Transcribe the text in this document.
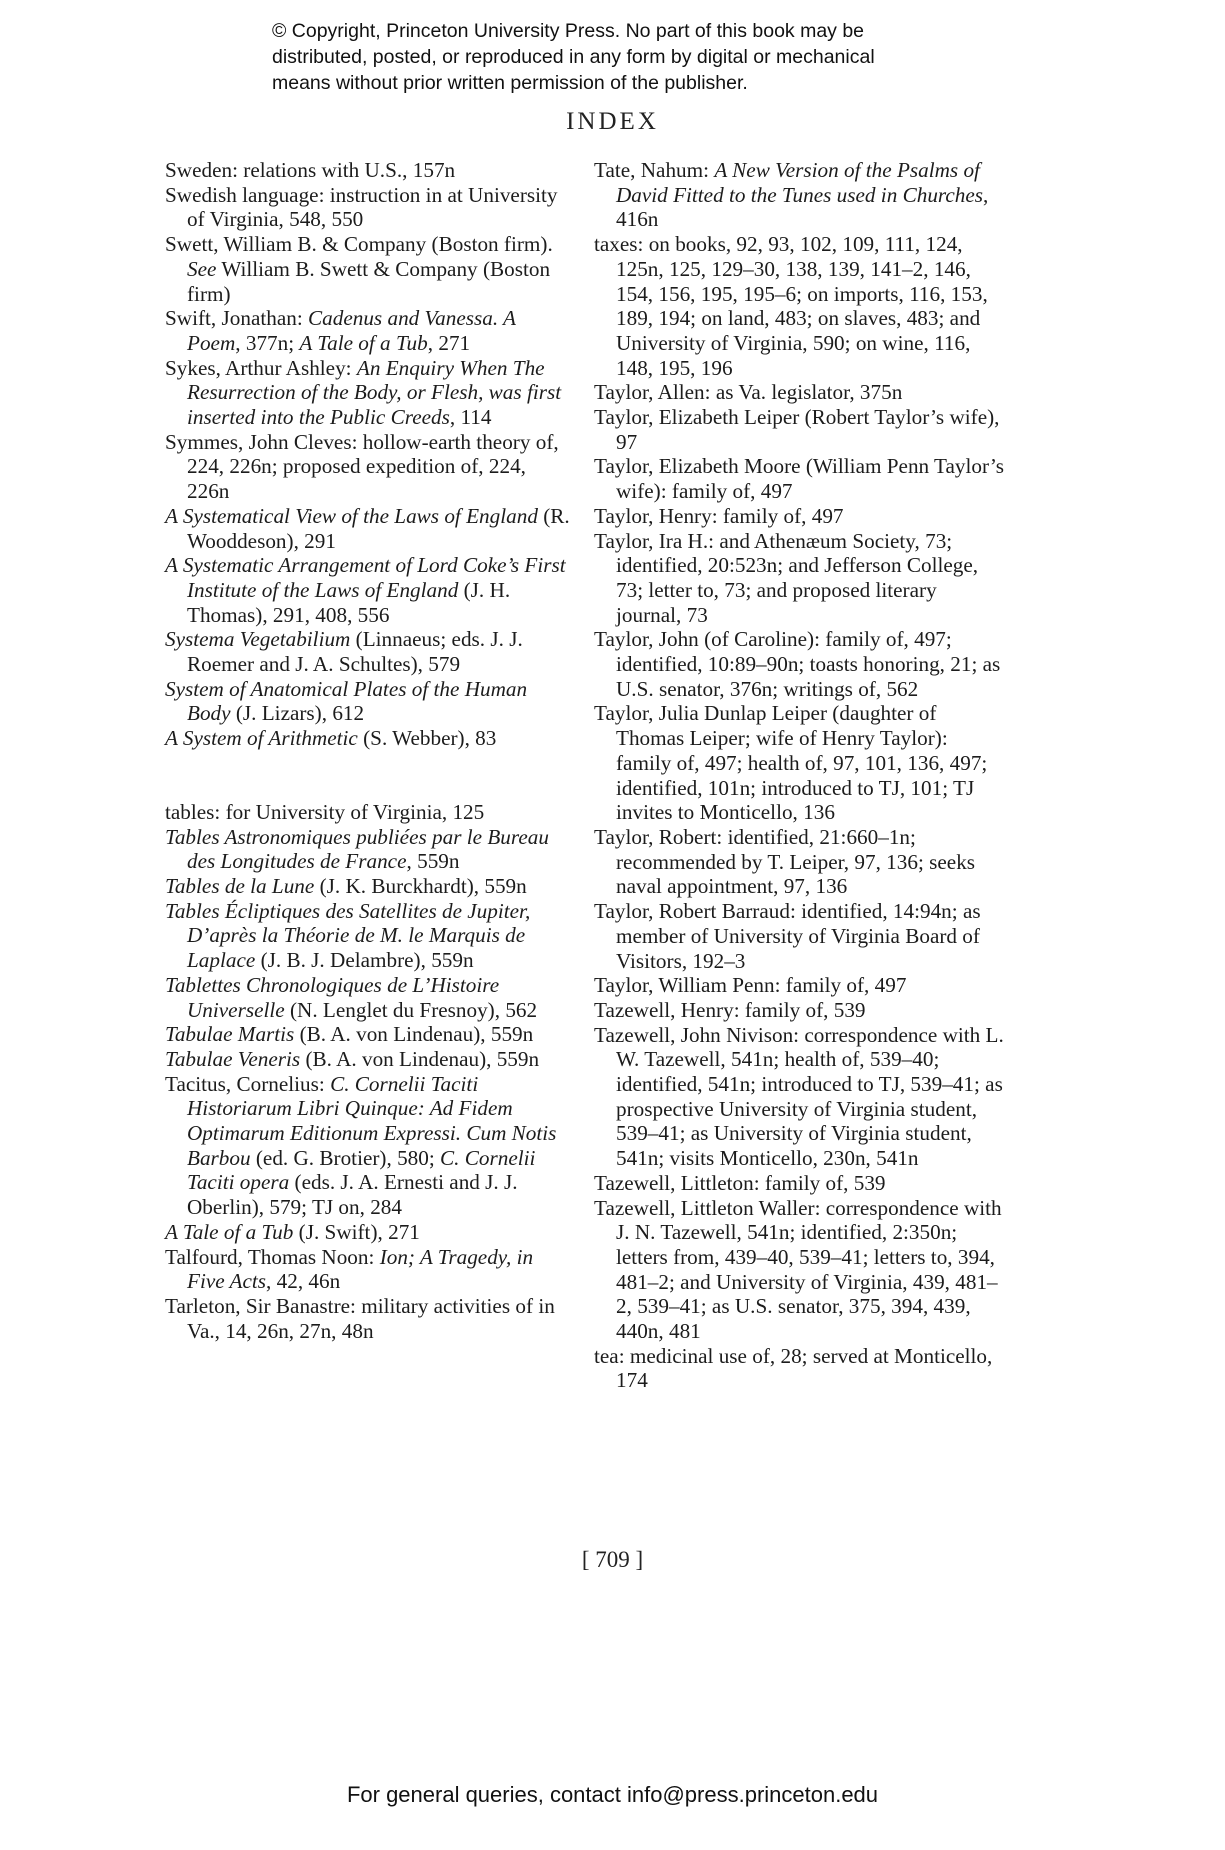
© Copyright, Princeton University Press. No part of this book may be
distributed, posted, or reproduced in any form by digital or mechanical
means without prior written permission of the publisher.
INDEX

Sweden: relations with U.S., 157n

Swedish language: instruction in at University of Virginia, 548, 550

Swett, William B. & Company (Boston firm). See William B. Swett & Company (Boston firm)

Swift, Jonathan: Cadenus and Vanessa. A Poem, 377n; A Tale of a Tub, 271

Sykes, Arthur Ashley: An Enquiry When The Resurrection of the Body, or Flesh, was first inserted into the Public Creeds, 114

Symmes, John Cleves: hollow-earth theory of, 224, 226n; proposed expedition of, 224, 226n

A Systematical View of the Laws of England (R. Wooddeson), 291

A Systematic Arrangement of Lord Coke’s First Institute of the Laws of England (J. H. Thomas), 291, 408, 556

Systema Vegetabilium (Linnaeus; eds. J. J. Roemer and J. A. Schultes), 579

System of Anatomical Plates of the Human Body (J. Lizars), 612

A System of Arithmetic (S. Webber), 83

tables: for University of Virginia, 125

Tables Astronomiques publiées par le Bureau des Longitudes de France, 559n

Tables de la Lune (J. K. Burckhardt), 559n

Tables Écliptiques des Satellites de Jupiter, D’après la Théorie de M. le Marquis de Laplace (J. B. J. Delambre), 559n

Tablettes Chronologiques de L’Histoire Universelle (N. Lenglet du Fresnoy), 562

Tabulae Martis (B. A. von Lindenau), 559n

Tabulae Veneris (B. A. von Lindenau), 559n

Tacitus, Cornelius: C. Cornelii Taciti Historiarum Libri Quinque: Ad Fidem Optimarum Editionum Expressi. Cum Notis Barbou (ed. G. Brotier), 580; C. Cornelii Taciti opera (eds. J. A. Ernesti and J. J. Oberlin), 579; TJ on, 284

A Tale of a Tub (J. Swift), 271

Talfourd, Thomas Noon: Ion; A Tragedy, in Five Acts, 42, 46n

Tarleton, Sir Banastre: military activities of in Va., 14, 26n, 27n, 48n

Tate, Nahum: A New Version of the Psalms of David Fitted to the Tunes used in Churches, 416n

taxes: on books, 92, 93, 102, 109, 111, 124, 125n, 125, 129–30, 138, 139, 141–2, 146, 154, 156, 195, 195–6; on imports, 116, 153, 189, 194; on land, 483; on slaves, 483; and University of Virginia, 590; on wine, 116, 148, 195, 196

Taylor, Allen: as Va. legislator, 375n

Taylor, Elizabeth Leiper (Robert Taylor’s wife), 97

Taylor, Elizabeth Moore (William Penn Taylor’s wife): family of, 497

Taylor, Henry: family of, 497

Taylor, Ira H.: and Athenæum Society, 73; identified, 20:523n; and Jefferson College, 73; letter to, 73; and proposed literary journal, 73

Taylor, John (of Caroline): family of, 497; identified, 10:89–90n; toasts honoring, 21; as U.S. senator, 376n; writings of, 562

Taylor, Julia Dunlap Leiper (daughter of Thomas Leiper; wife of Henry Taylor): family of, 497; health of, 97, 101, 136, 497; identified, 101n; introduced to TJ, 101; TJ invites to Monticello, 136

Taylor, Robert: identified, 21:660–1n; recommended by T. Leiper, 97, 136; seeks naval appointment, 97, 136

Taylor, Robert Barraud: identified, 14:94n; as member of University of Virginia Board of Visitors, 192–3

Taylor, William Penn: family of, 497

Tazewell, Henry: family of, 539

Tazewell, John Nivison: correspondence with L. W. Tazewell, 541n; health of, 539–40; identified, 541n; introduced to TJ, 539–41; as prospective University of Virginia student, 539–41; as University of Virginia student, 541n; visits Monticello, 230n, 541n

Tazewell, Littleton: family of, 539

Tazewell, Littleton Waller: correspondence with J. N. Tazewell, 541n; identified, 2:350n; letters from, 439–40, 539–41; letters to, 394, 481–2; and University of Virginia, 439, 481–2, 539–41; as U.S. senator, 375, 394, 439, 440n, 481

tea: medicinal use of, 28; served at Monticello, 174

[ 709 ]
For general queries, contact info@press.princeton.edu
